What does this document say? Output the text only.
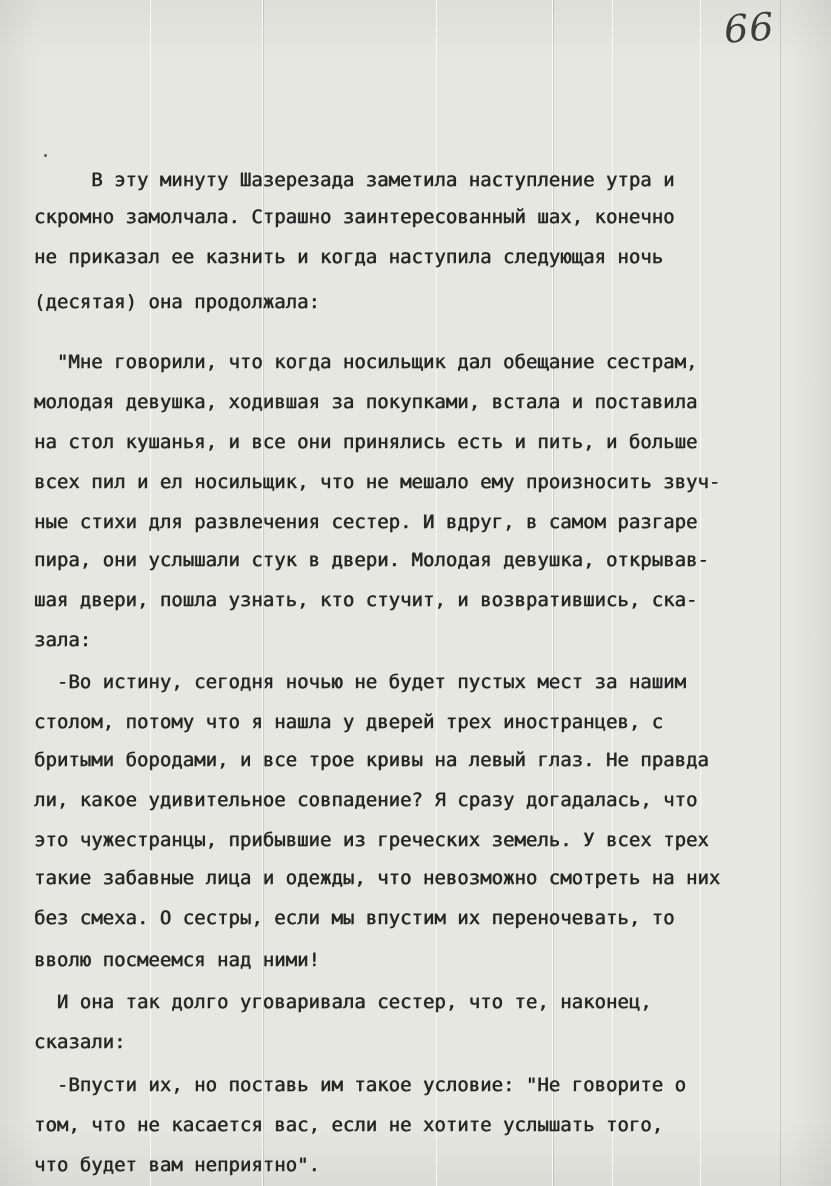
66
В эту минуту Шазерезада заметила наступление утра и
скромно замолчала. Страшно заинтересованный шах, конечно
не приказал ее казнить и когда наступила следующая ночь
(десятая) она продолжала:
"Мне говорили, что когда носильщик дал обещание сестрам,
молодая девушка, ходившая за покупками, встала и поставила
на стол кушанья, и все они принялись есть и пить, и больше
всех пил и ел носильщик, что не мешало ему произносить звуч-
ные стихи для развлечения сестер. И вдруг, в самом разгаре
пира, они услышали стук в двери. Молодая девушка, открывав-
шая двери, пошла узнать, кто стучит, и возвратившись, ска-
зала:
-Во истину, сегодня ночью не будет пустых мест за нашим
столом, потому что я нашла у дверей трех иностранцев, с
бритыми бородами, и все трое кривы на левый глаз. Не правда
ли, какое удивительное совпадение? Я сразу догадалась, что
это чужестранцы, прибывшие из греческих земель. У всех трех
такие забавные лица и одежды, что невозможно смотреть на них
без смеха. О сестры, если мы впустим их переночевать, то
вволю посмеемся над ними!
И она так долго уговаривала сестер, что те, наконец,
сказали:
-Впусти их, но поставь им такое условие: "Не говорите о
том, что не касается вас, если не хотите услышать того,
что будет вам неприятно".
